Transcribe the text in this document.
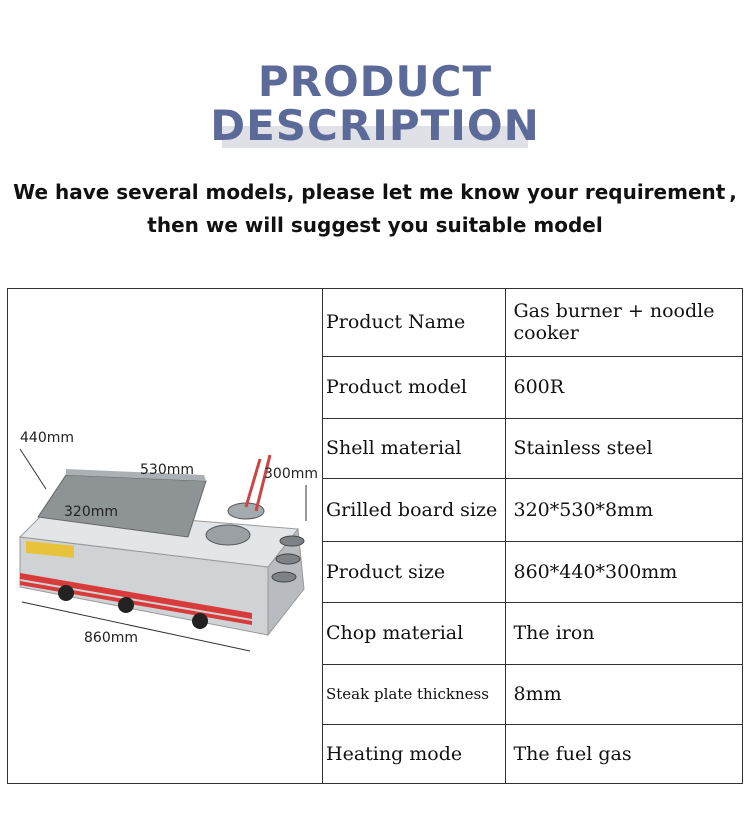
PRODUCT
DESCRIPTION
We have several models, please let me know your requirement ,
then we will suggest you suitable model
440mm
530mm	300mm
320mm
860mm
Product Name	Gas burner + noodle cooker
Product model	600R
Shell material	Stainless steel
Grilled board size	320*530*8mm
Product size	860*440*300mm
Chop material	The iron
Steak plate thickness	8mm
Heating mode	The fuel gas
